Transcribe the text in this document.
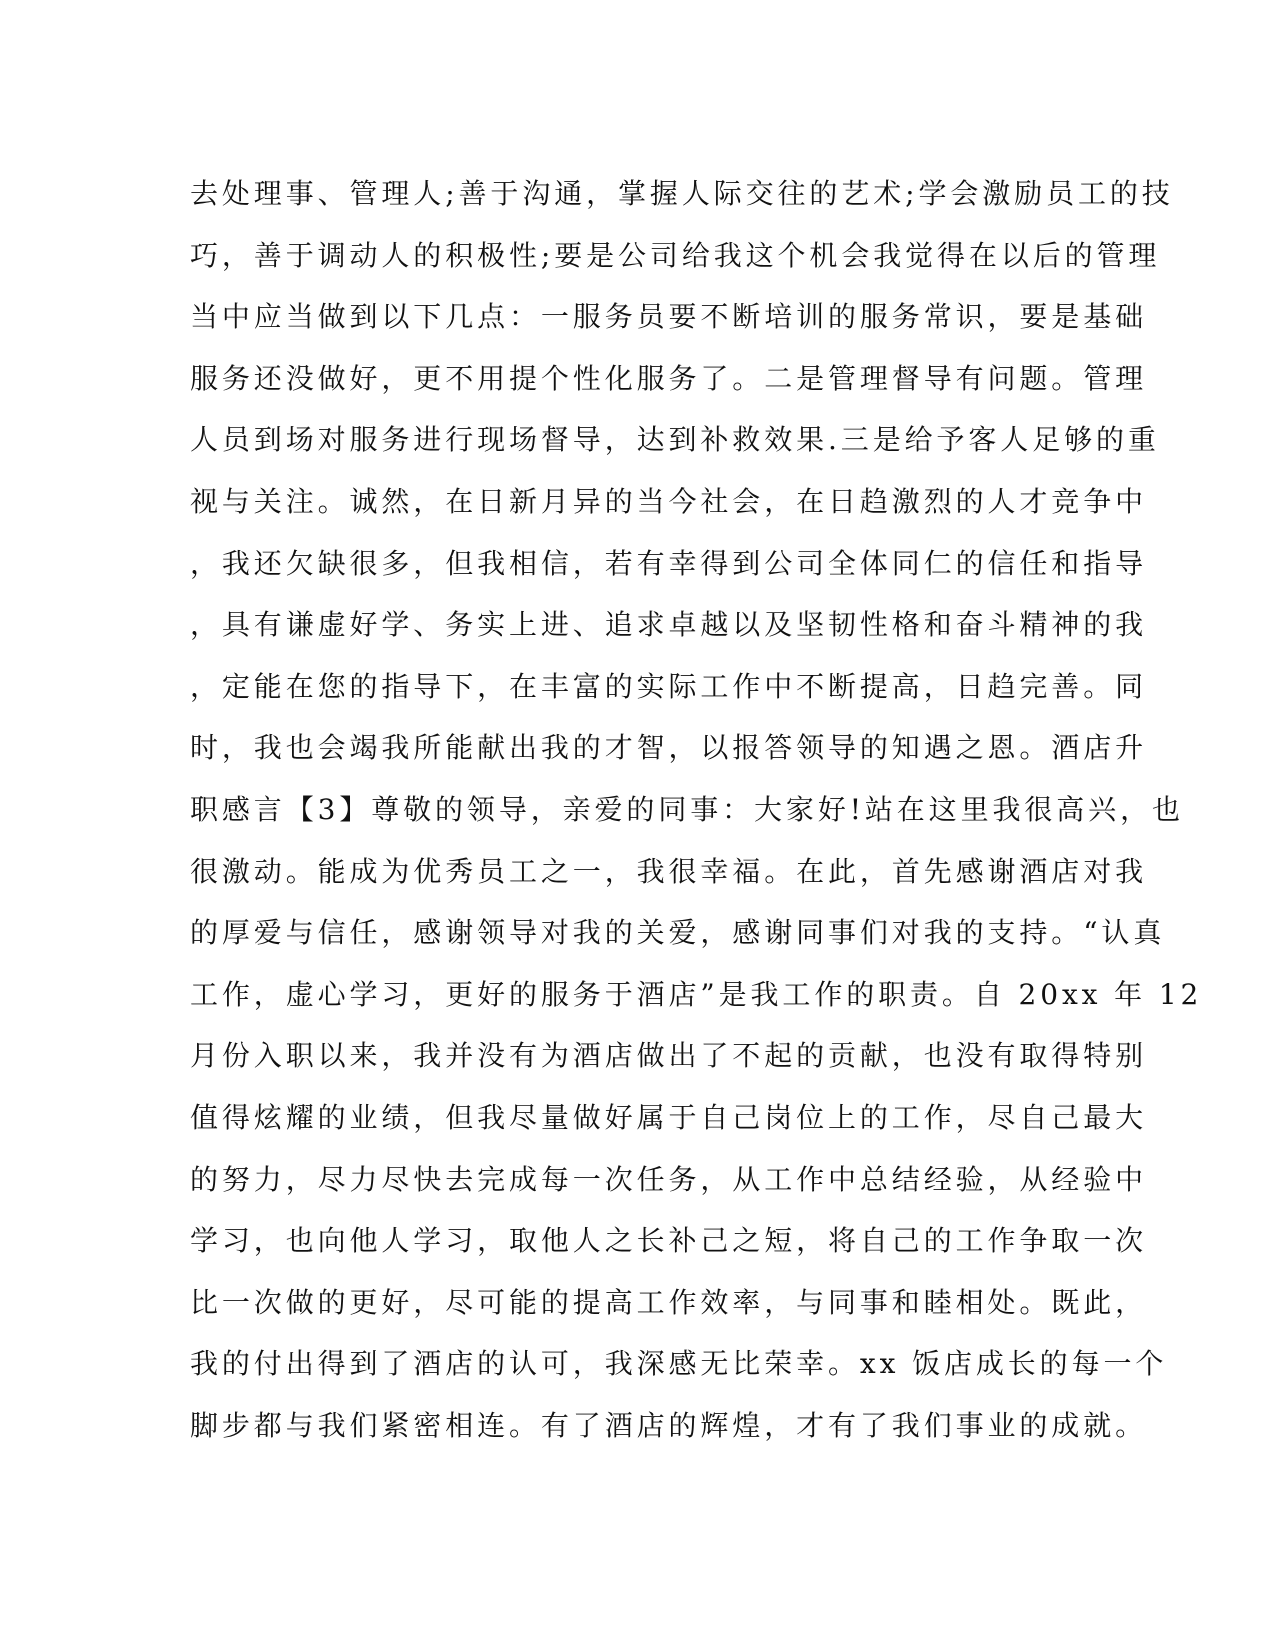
去处理事、管理人;善于沟通，掌握人际交往的艺术;学会激励员工的技
巧，善于调动人的积极性;要是公司给我这个机会我觉得在以后的管理
当中应当做到以下几点：一服务员要不断培训的服务常识，要是基础
服务还没做好，更不用提个性化服务了。二是管理督导有问题。管理
人员到场对服务进行现场督导，达到补救效果.三是给予客人足够的重
视与关注。诚然，在日新月异的当今社会，在日趋激烈的人才竞争中
，我还欠缺很多，但我相信，若有幸得到公司全体同仁的信任和指导
，具有谦虚好学、务实上进、追求卓越以及坚韧性格和奋斗精神的我
，定能在您的指导下，在丰富的实际工作中不断提高，日趋完善。同
时，我也会竭我所能献出我的才智，以报答领导的知遇之恩。酒店升
职感言【3】尊敬的领导，亲爱的同事：大家好!站在这里我很高兴，也
很激动。能成为优秀员工之一，我很幸福。在此，首先感谢酒店对我
的厚爱与信任，感谢领导对我的关爱，感谢同事们对我的支持。“认真
工作，虚心学习，更好的服务于酒店”是我工作的职责。自 20xx 年 12
月份入职以来，我并没有为酒店做出了不起的贡献，也没有取得特别
值得炫耀的业绩，但我尽量做好属于自己岗位上的工作，尽自己最大
的努力，尽力尽快去完成每一次任务，从工作中总结经验，从经验中
学习，也向他人学习，取他人之长补己之短，将自己的工作争取一次
比一次做的更好，尽可能的提高工作效率，与同事和睦相处。既此，
我的付出得到了酒店的认可，我深感无比荣幸。xx 饭店成长的每一个
脚步都与我们紧密相连。有了酒店的辉煌，才有了我们事业的成就。
